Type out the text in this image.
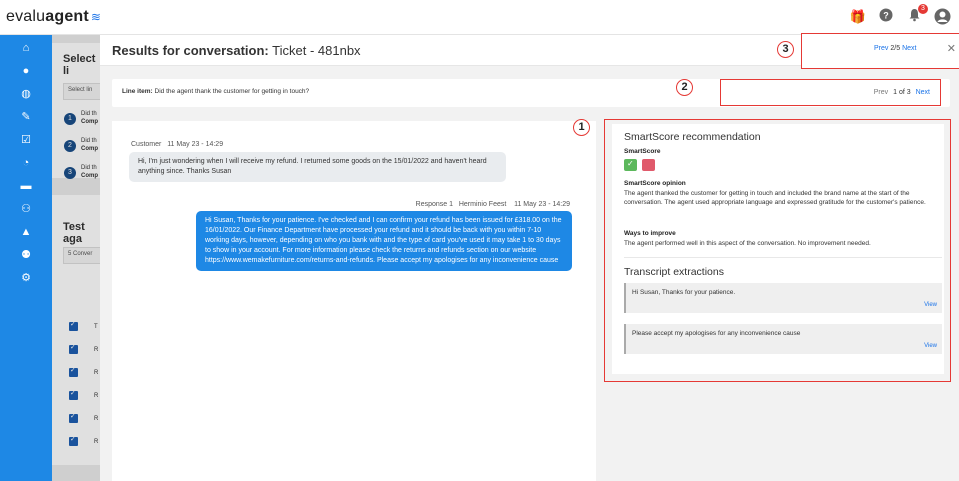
evaluagent ≋	🎁 ?
3
⌂
●
◍
✎
☑
◔
▬
⚇
▲
⚉
⚙
Select li
Select lin
1
Did th
Comp
2
Did th
Comp
3
Did th
Comp
Test aga
5 Conver
✓
T
✓
R
✓
R
✓
R
✓
R
✓
R
Results for conversation: Ticket - 481nbx	3	Prev 2/5 Next	✕
Line item: Did the agent thank the customer for getting in touch?	2	Prev 1 of 3 Next
Customer 11 May 23 - 14:29
Hi, I'm just wondering when I will receive my refund. I returned some goods on the 15/01/2022 and haven't heard anything since. Thanks Susan
Response 1 Herminio Feest 11 May 23 - 14:29
Hi Susan, Thanks for your patience. I've checked and I can confirm your refund has been issued for £318.00 on the 16/01/2022. Our Finance Department have processed your refund and it should be back with you within 7-10 working days, however, depending on who you bank with and the type of card you've used it may take 1 to 30 days to show in your account. For more information please check the returns and refunds section on our website https://www.wemakefurniture.com/returns-and-refunds. Please accept my apologises for any inconvenience cause
1
SmartScore recommendation
SmartScore
✓
SmartScore opinion
The agent thanked the customer for getting in touch and included the brand name at the start of the conversation. The agent used appropriate language and expressed gratitude for the customer's patience.
Ways to improve
The agent performed well in this aspect of the conversation. No improvement needed.
Transcript extractions
Hi Susan, Thanks for your patience.
View
Please accept my apologises for any inconvenience cause
View
